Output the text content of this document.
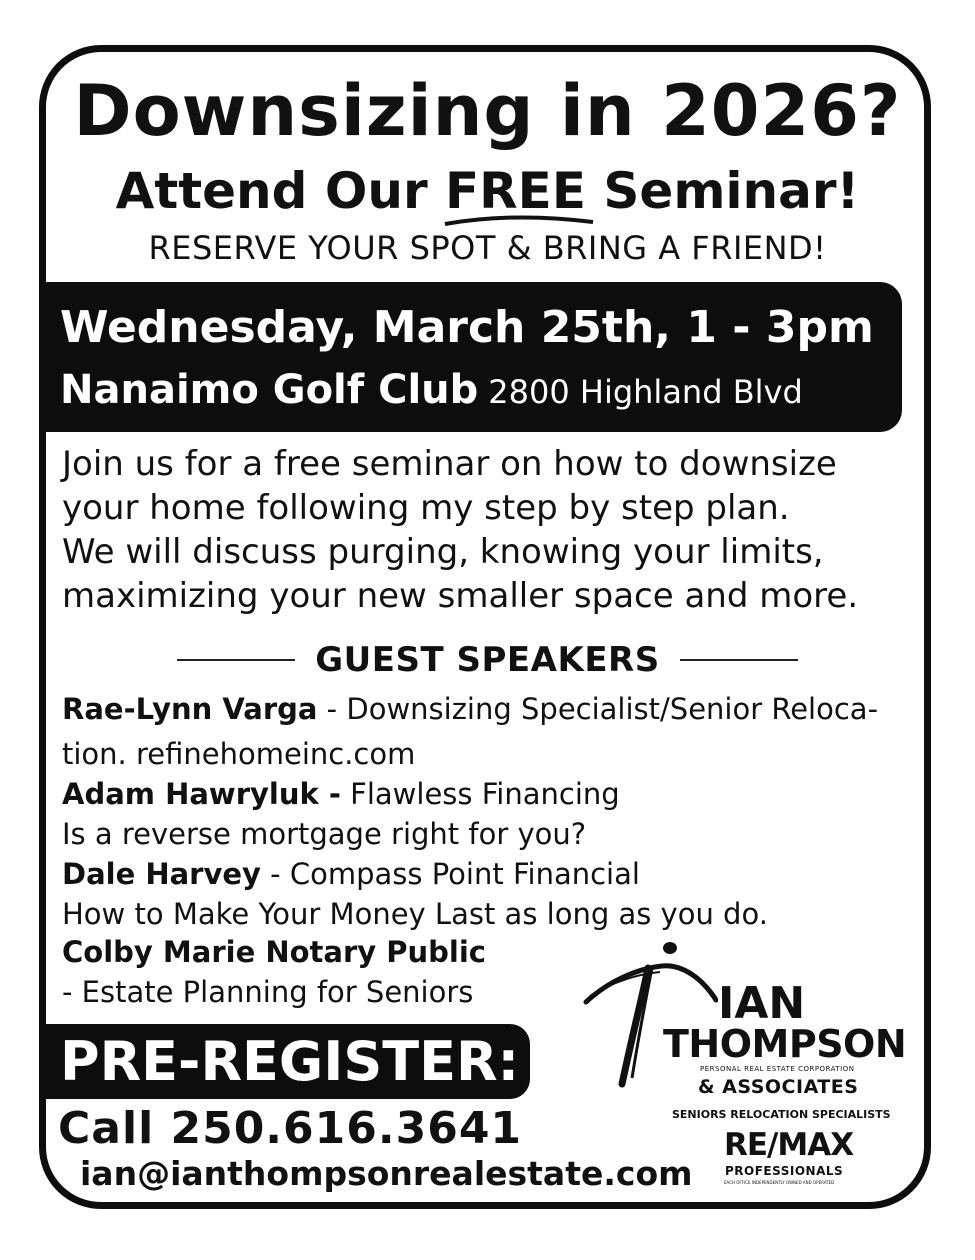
Downsizing in 2026?
Attend Our FREE
Seminar!
RESERVE YOUR SPOT & BRING A FRIEND!
Wednesday, March 25th, 1 - 3pm
Nanaimo Golf Club 2800 Highland Blvd
Join us for a free seminar on how to downsize
your home following my step by step plan.
We will discuss purging, knowing your limits,
maximizing your new smaller space and more.
GUEST SPEAKERS
Rae-Lynn Varga - Downsizing Specialist/Senior Reloca-
tion. refinehomeinc.com
Adam Hawryluk - Flawless Financing
Is a reverse mortgage right for you?
Dale Harvey - Compass Point Financial
How to Make Your Money Last as long as you do.
Colby Marie Notary Public
- Estate Planning for Seniors
PRE-REGISTER:
Call 250.616.3641
ian@ianthompsonrealestate.com
IAN
THOMPSON
PERSONAL REAL ESTATE CORPORATION
& ASSOCIATES
SENIORS RELOCATION SPECIALISTS
RE/MAX
PROFESSIONALS
EACH OFFICE INDEPENDENTLY OWNED AND OPERATED
